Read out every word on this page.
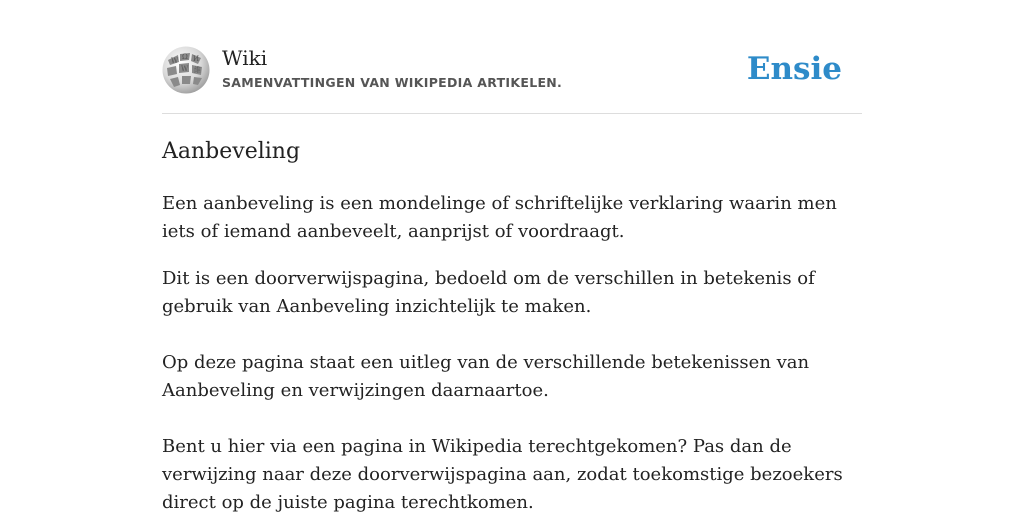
W Ω И
W 維 Wiki
SAMENVATTINGEN VAN WIKIPEDIA ARTIKELEN.	Ensie
Aanbeveling

Een aanbeveling is een mondelinge of schriftelijke verklaring waarin men iets of iemand aanbeveelt, aanprijst of voordraagt.

Dit is een doorverwijspagina, bedoeld om de verschillen in betekenis of gebruik van Aanbeveling inzichtelijk te maken.

Op deze pagina staat een uitleg van de verschillende betekenissen van Aanbeveling en verwijzingen daarnaartoe.

Bent u hier via een pagina in Wikipedia terechtgekomen? Pas dan de verwijzing naar deze doorverwijspagina aan, zodat toekomstige bezoekers direct op de juiste pagina terechtkomen.
